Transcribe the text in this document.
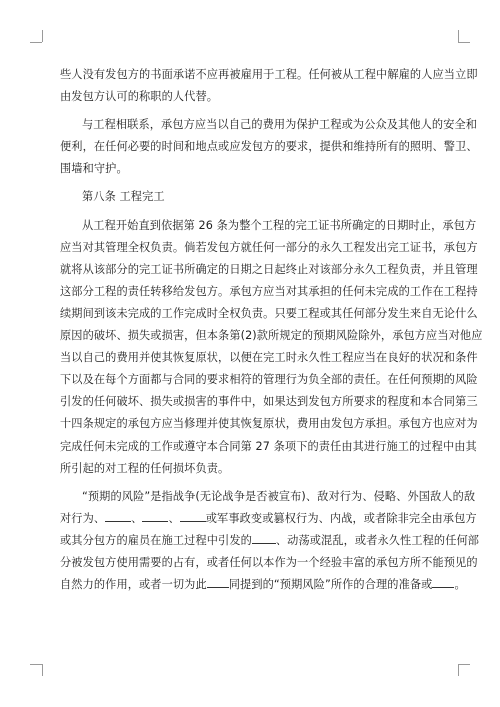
些人没有发包方的书面承诺不应再被雇用于工程。任何被从工程中解雇的人应当立即
由发包方认可的称职的人代替。
与工程相联系，承包方应当以自己的费用为保护工程或为公众及其他人的安全和
便利，在任何必要的时间和地点或应发包方的要求，提供和维持所有的照明、警卫、
围墙和守护。
第八条 工程完工
从工程开始直到依据第 26 条为整个工程的完工证书所确定的日期时止，承包方
应当对其管理全权负责。倘若发包方就任何一部分的永久工程发出完工证书，承包方
就将从该部分的完工证书所确定的日期之日起终止对该部分永久工程负责，并且管理
这部分工程的责任转移给发包方。承包方应当对其承担的任何未完成的工作在工程持
续期间到该未完成的工作完成时全权负责。只要工程或其任何部分发生来自无论什么
原因的破坏、损失或损害，但本条第(2)款所规定的预期风险除外，承包方应当对他应
当以自己的费用并使其恢复原状，以便在完工时永久性工程应当在良好的状况和条件
下以及在每个方面都与合同的要求相符的管理行为负全部的责任。在任何预期的风险
引发的任何破坏、损失或损害的事件中，如果达到发包方所要求的程度和本合同第三
十四条规定的承包方应当修理并使其恢复原状，费用由发包方承担。承包方也应对为
完成任何未完成的工作或遵守本合同第 27 条项下的责任由其进行施工的过程中由其
所引起的对工程的任何损坏负责。
“预期的风险”是指战争(无论战争是否被宣布)、敌对行为、侵略、外国敌人的敌
对行为、 、 、 或军事政变或篡权行为、内战，或者除非完全由承包方
或其分包方的雇员在施工过程中引发的 、动荡或混乱，或者永久性工程的任何部
分被发包方使用需要的占有，或者任何以本作为一个经验丰富的承包方所不能预见的
自然力的作用，或者一切为此 同提到的“预期风险”所作的合理的准备或 。
